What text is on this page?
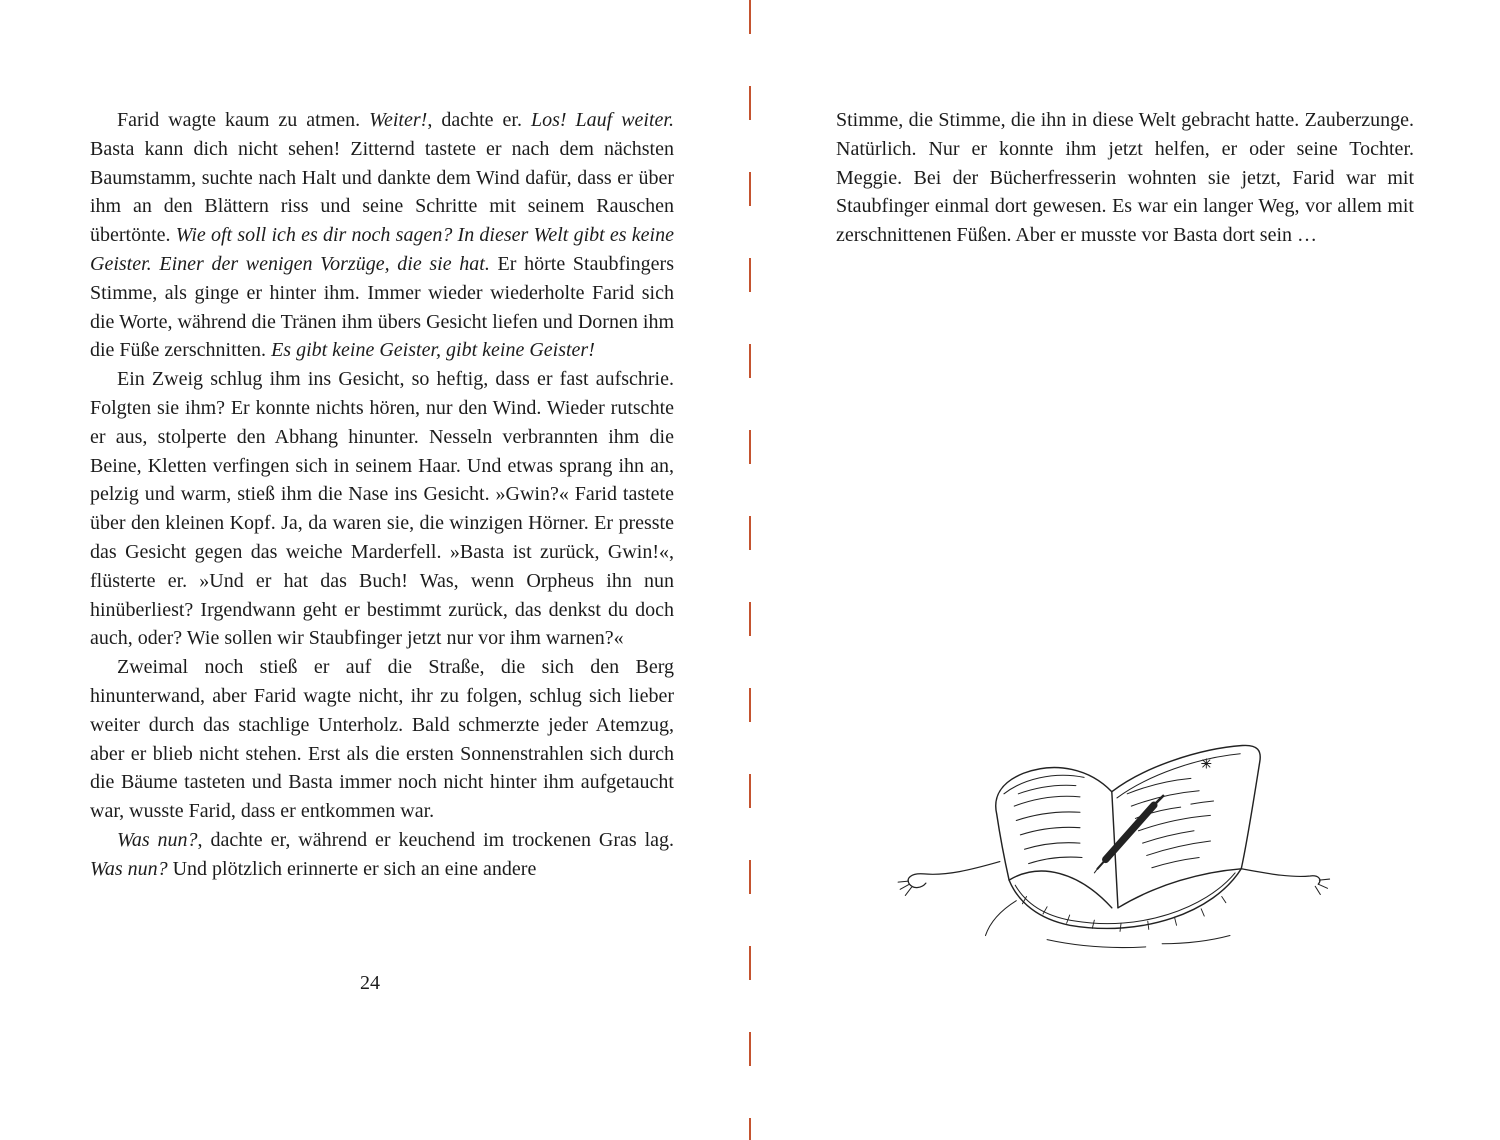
Farid wagte kaum zu atmen. Weiter!, dachte er. Los! Lauf weiter. Basta kann dich nicht sehen! Zitternd tastete er nach dem nächsten Baumstamm, suchte nach Halt und dankte dem Wind dafür, dass er über ihm an den Blättern riss und seine Schritte mit seinem Rauschen übertönte. Wie oft soll ich es dir noch sagen? In dieser Welt gibt es keine Geister. Einer der wenigen Vorzüge, die sie hat. Er hörte Staubfingers Stimme, als ginge er hinter ihm. Immer wieder wiederholte Farid sich die Worte, während die Tränen ihm übers Gesicht liefen und Dornen ihm die Füße zerschnitten. Es gibt keine Geister, gibt keine Geister!

Ein Zweig schlug ihm ins Gesicht, so heftig, dass er fast aufschrie. Folgten sie ihm? Er konnte nichts hören, nur den Wind. Wieder rutschte er aus, stolperte den Abhang hinunter. Nesseln verbrannten ihm die Beine, Kletten verfingen sich in seinem Haar. Und etwas sprang ihn an, pelzig und warm, stieß ihm die Nase ins Gesicht. »Gwin?« Farid tastete über den kleinen Kopf. Ja, da waren sie, die winzigen Hörner. Er presste das Gesicht gegen das weiche Marderfell. »Basta ist zurück, Gwin!«, flüsterte er. »Und er hat das Buch! Was, wenn Orpheus ihn nun hinüberliest? Irgendwann geht er bestimmt zurück, das denkst du doch auch, oder? Wie sollen wir Staubfinger jetzt nur vor ihm warnen?«

Zweimal noch stieß er auf die Straße, die sich den Berg hinunterwand, aber Farid wagte nicht, ihr zu folgen, schlug sich lieber weiter durch das stachlige Unterholz. Bald schmerzte jeder Atemzug, aber er blieb nicht stehen. Erst als die ersten Sonnenstrahlen sich durch die Bäume tasteten und Basta immer noch nicht hinter ihm aufgetaucht war, wusste Farid, dass er entkommen war.

Was nun?, dachte er, während er keuchend im trockenen Gras lag. Was nun? Und plötzlich erinnerte er sich an eine andere

24

Stimme, die Stimme, die ihn in diese Welt gebracht hatte. Zauberzunge. Natürlich. Nur er konnte ihm jetzt helfen, er oder seine Tochter. Meggie. Bei der Bücherfresserin wohnten sie jetzt, Farid war mit Staubfinger einmal dort gewesen. Es war ein langer Weg, vor allem mit zerschnittenen Füßen. Aber er musste vor Basta dort sein …
